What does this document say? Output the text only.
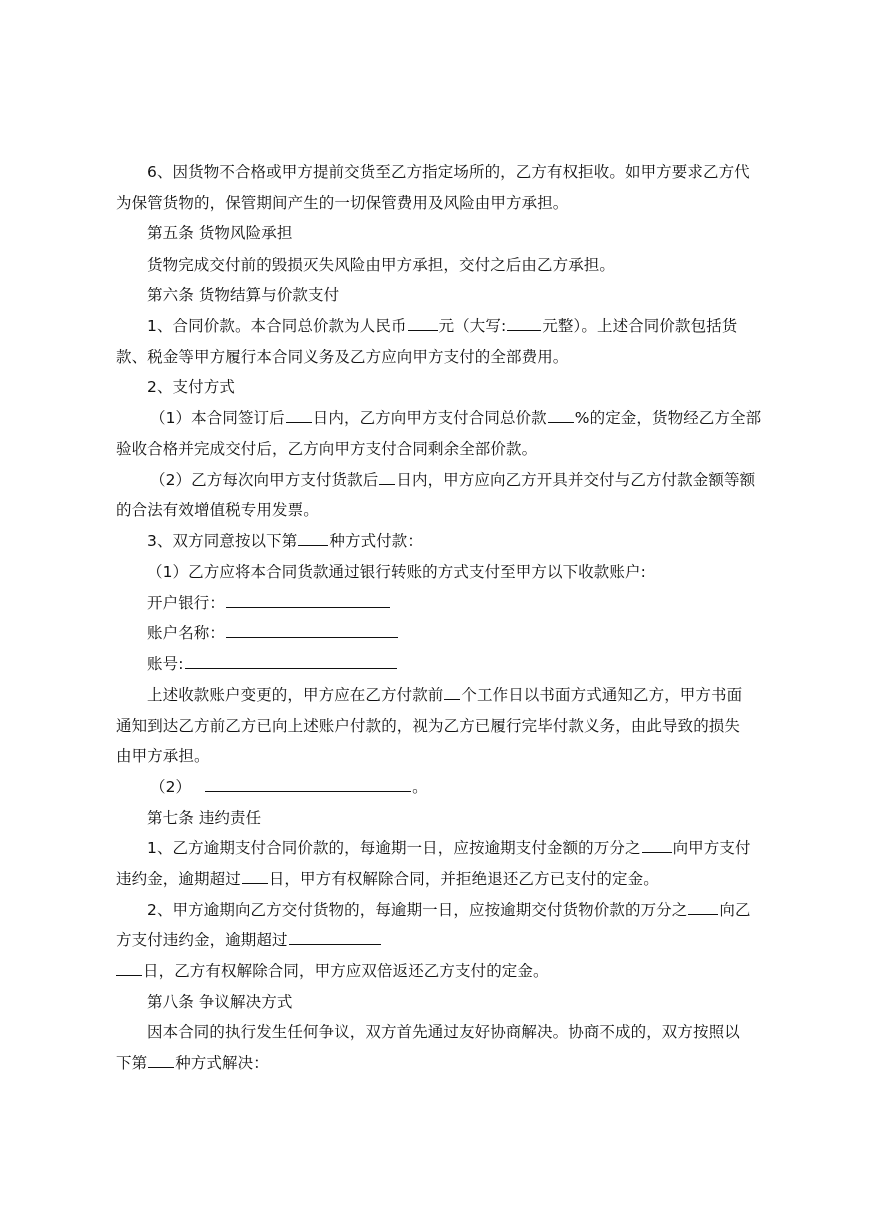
6、因货物不合格或甲方提前交货至乙方指定场所的，乙方有权拒收。如甲方要求乙方代
为保管货物的，保管期间产生的一切保管费用及风险由甲方承担。
第五条 货物风险承担
货物完成交付前的毁损灭失风险由甲方承担，交付之后由乙方承担。
第六条 货物结算与价款支付
1、合同价款。本合同总价款为人民币 元（大写: 元整）。上述合同价款包括货
款、税金等甲方履行本合同义务及乙方应向甲方支付的全部费用。
2、支付方式
（1）本合同签订后 日内，乙方向甲方支付合同总价款 %的定金，货物经乙方全部
验收合格并完成交付后，乙方向甲方支付合同剩余全部价款。
（2）乙方每次向甲方支付货款后 日内，甲方应向乙方开具并交付与乙方付款金额等额
的合法有效增值税专用发票。
3、双方同意按以下第 种方式付款：
（1）乙方应将本合同货款通过银行转账的方式支付至甲方以下收款账户:
开户银行：
账户名称：
账号:
上述收款账户变更的，甲方应在乙方付款前 个工作日以书面方式通知乙方，甲方书面
通知到达乙方前乙方已向上述账户付款的，视为乙方已履行完毕付款义务，由此导致的损失
由甲方承担。
（2）	。
第七条 违约责任
1、乙方逾期支付合同价款的，每逾期一日，应按逾期支付金额的万分之 向甲方支付
违约金，逾期超过 日，甲方有权解除合同，并拒绝退还乙方已支付的定金。
2、甲方逾期向乙方交付货物的，每逾期一日，应按逾期交付货物价款的万分之 向乙
方支付违约金，逾期超过
日，乙方有权解除合同，甲方应双倍返还乙方支付的定金。
第八条 争议解决方式
因本合同的执行发生任何争议，双方首先通过友好协商解决。协商不成的，双方按照以
下第 种方式解决：
